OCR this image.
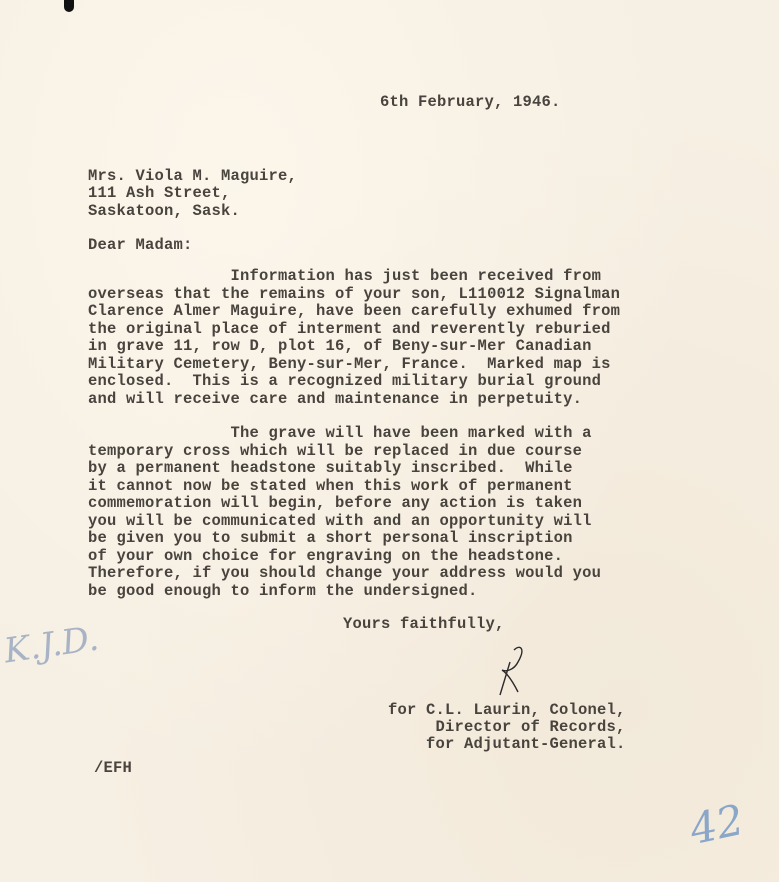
6th February, 1946.
Mrs. Viola M. Maguire,
111 Ash Street,
Saskatoon, Sask.
Dear Madam:
Information has just been received from
overseas that the remains of your son, L110012 Signalman
Clarence Almer Maguire, have been carefully exhumed from
the original place of interment and reverently reburied
in grave 11, row D, plot 16, of Beny-sur-Mer Canadian
Military Cemetery, Beny-sur-Mer, France.  Marked map is
enclosed.  This is a recognized military burial ground
and will receive care and maintenance in perpetuity.
The grave will have been marked with a
temporary cross which will be replaced in due course
by a permanent headstone suitably inscribed.  While
it cannot now be stated when this work of permanent
commemoration will begin, before any action is taken
you will be communicated with and an opportunity will
be given you to submit a short personal inscription
of your own choice for engraving on the headstone.
Therefore, if you should change your address would you
be good enough to inform the undersigned.
Yours faithfully,
for C.L. Laurin, Colonel,
Director of Records,
for Adjutant-General.
/EFH
K.J.D.
42
